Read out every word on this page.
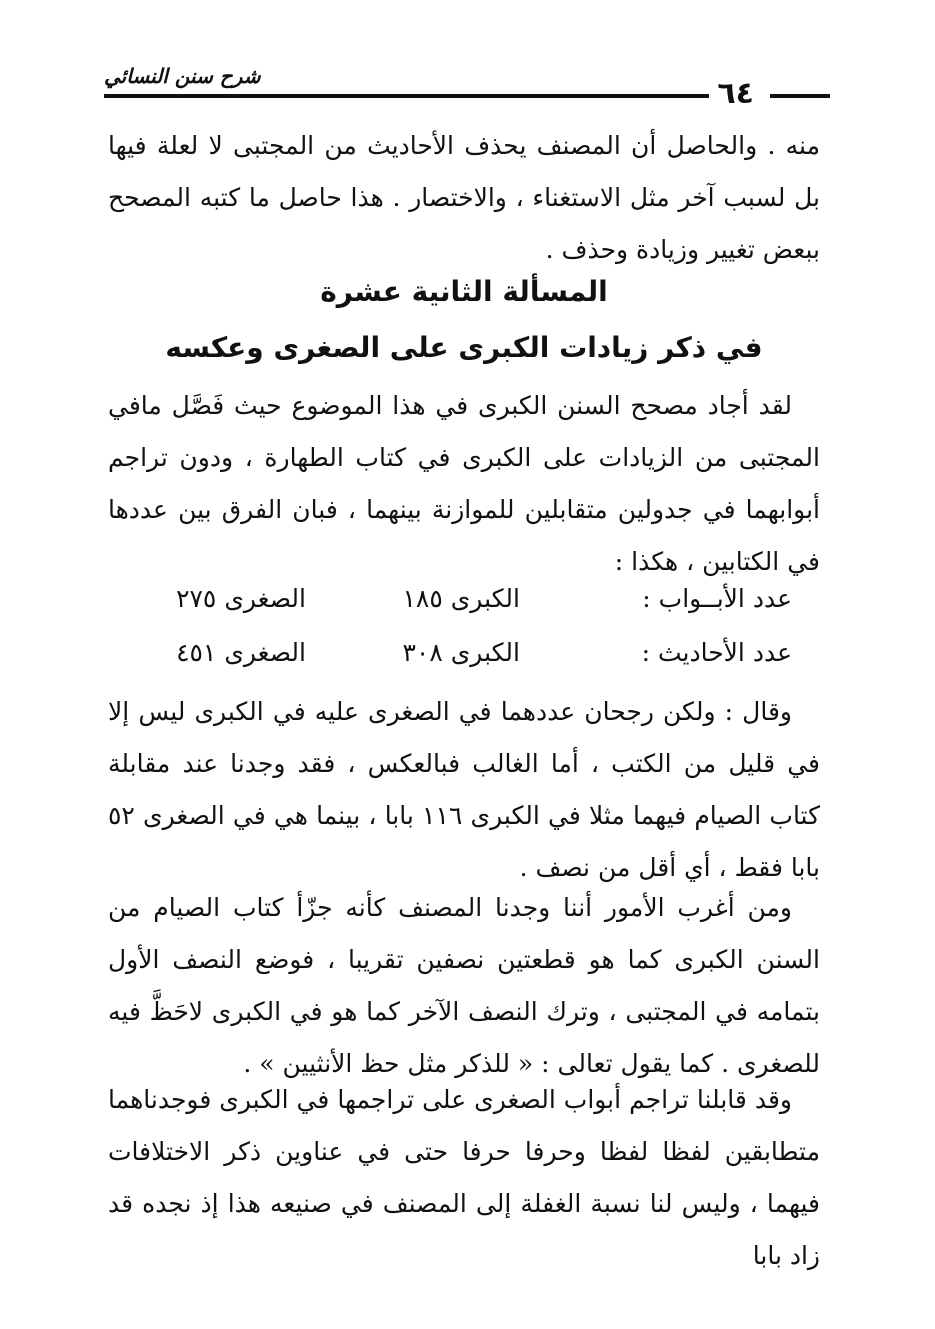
شرح سنن النسائي	٦٤

منه . والحاصل أن المصنف يحذف الأحاديث من المجتبى لا لعلة فيها بل لسبب آخر مثل الاستغناء ، والاختصار . هذا حاصل ما كتبه المصحح ببعض تغيير وزيادة وحذف .

المسألة الثانية عشرة
في ذكر زيادات الكبرى على الصغرى وعكسه

لقد أجاد مصحح السنن الكبرى في هذا الموضوع حيث فَصَّل مافي المجتبى من الزيادات على الكبرى في كتاب الطهارة ، ودون تراجم أبوابهما في جدولين متقابلين للموازنة بينهما ، فبان الفرق بين عددها في الكتابين ، هكذا :

عدد الأبــواب :
الكبرى ١٨٥
الصغرى ٢٧٥
عدد الأحاديث :
الكبرى ٣٠٨
الصغرى ٤٥١

وقال : ولكن رجحان عددهما في الصغرى عليه في الكبرى ليس إلا في قليل من الكتب ، أما الغالب فبالعكس ، فقد وجدنا عند مقابلة كتاب الصيام فيهما مثلا في الكبرى ١١٦ بابا ، بينما هي في الصغرى ٥٢ بابا فقط ، أي أقل من نصف .

ومن أغرب الأمور أننا وجدنا المصنف كأنه جزّأ كتاب الصيام من السنن الكبرى كما هو قطعتين نصفين تقريبا ، فوضع النصف الأول بتمامه في المجتبى ، وترك النصف الآخر كما هو في الكبرى لاحَظَّ فيه للصغرى . كما يقول تعالى : « للذكر مثل حظ الأنثيين » .

وقد قابلنا تراجم أبواب الصغرى على تراجمها في الكبرى فوجدناهما متطابقين لفظا لفظا وحرفا حرفا حتى في عناوين ذكر الاختلافات فيهما ، وليس لنا نسبة الغفلة إلى المصنف في صنيعه هذا إذ نجده قد زاد بابا
